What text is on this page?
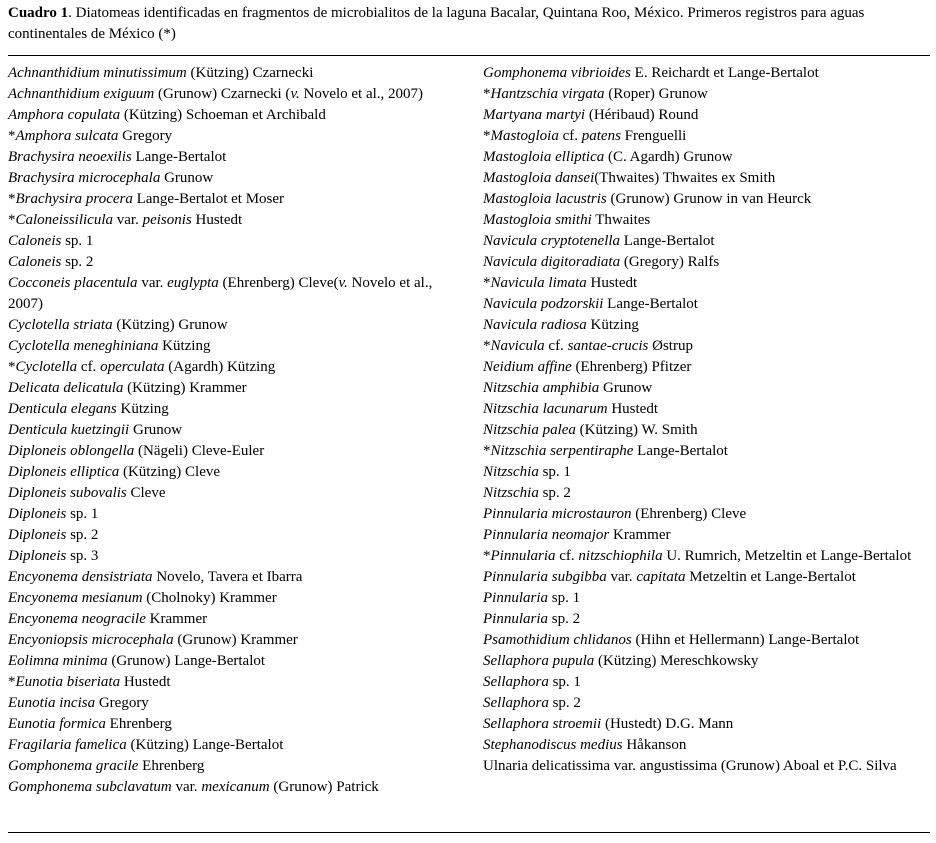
Cuadro 1. Diatomeas identificadas en fragmentos de microbialitos de la laguna Bacalar, Quintana Roo, México. Primeros registros para aguas continentales de México (*)
Achnanthidium minutissimum (Kützing) Czarnecki
Achnanthidium exiguum (Grunow) Czarnecki (v. Novelo et al., 2007)
Amphora copulata (Kützing) Schoeman et Archibald
*Amphora sulcata Gregory
Brachysira neoexilis Lange-Bertalot
Brachysira microcephala Grunow
*Brachysira procera Lange-Bertalot et Moser
*Caloneissilicula var. peisonis Hustedt
Caloneis sp. 1
Caloneis sp. 2
Cocconeis placentula var. euglypta (Ehrenberg) Cleve(v. Novelo et al., 2007)
Cyclotella striata (Kützing) Grunow
Cyclotella meneghiniana Kützing
*Cyclotella cf. operculata (Agardh) Kützing
Delicata delicatula (Kützing) Krammer
Denticula elegans Kützing
Denticula kuetzingii Grunow
Diploneis oblongella (Nägeli) Cleve-Euler
Diploneis elliptica (Kützing) Cleve
Diploneis subovalis Cleve
Diploneis sp. 1
Diploneis sp. 2
Diploneis sp. 3
Encyonema densistriata Novelo, Tavera et Ibarra
Encyonema mesianum (Cholnoky) Krammer
Encyonema neogracile Krammer
Encyoniopsis microcephala (Grunow) Krammer
Eolimna minima (Grunow) Lange-Bertalot
*Eunotia biseriata Hustedt
Eunotia incisa Gregory
Eunotia formica Ehrenberg
Fragilaria famelica (Kützing) Lange-Bertalot
Gomphonema gracile Ehrenberg
Gomphonema subclavatum var. mexicanum (Grunow) Patrick
Gomphonema vibrioides E. Reichardt et Lange-Bertalot
*Hantzschia virgata (Roper) Grunow
Martyana martyi (Héribaud) Round
*Mastogloia cf. patens Frenguelli
Mastogloia elliptica (C. Agardh) Grunow
Mastogloia dansei(Thwaites) Thwaites ex Smith
Mastogloia lacustris (Grunow) Grunow in van Heurck
Mastogloia smithi Thwaites
Navicula cryptotenella Lange-Bertalot
Navicula digitoradiata (Gregory) Ralfs
*Navicula limata Hustedt
Navicula podzorskii Lange-Bertalot
Navicula radiosa Kützing
*Navicula cf. santae-crucis Østrup
Neidium affine (Ehrenberg) Pfitzer
Nitzschia amphibia Grunow
Nitzschia lacunarum Hustedt
Nitzschia palea (Kützing) W. Smith
*Nitzschia serpentiraphe Lange-Bertalot
Nitzschia sp. 1
Nitzschia sp. 2
Pinnularia microstauron (Ehrenberg) Cleve
Pinnularia neomajor Krammer
*Pinnularia cf. nitzschiophila U. Rumrich, Metzeltin et Lange-Bertalot
Pinnularia subgibba var. capitata Metzeltin et Lange-Bertalot
Pinnularia sp. 1
Pinnularia sp. 2
Psamothidium chlidanos (Hihn et Hellermann) Lange-Bertalot
Sellaphora pupula (Kützing) Mereschkowsky
Sellaphora sp. 1
Sellaphora sp. 2
Sellaphora stroemii (Hustedt) D.G. Mann
Stephanodiscus medius Håkanson
Ulnaria delicatissima var. angustissima (Grunow) Aboal et P.C. Silva
